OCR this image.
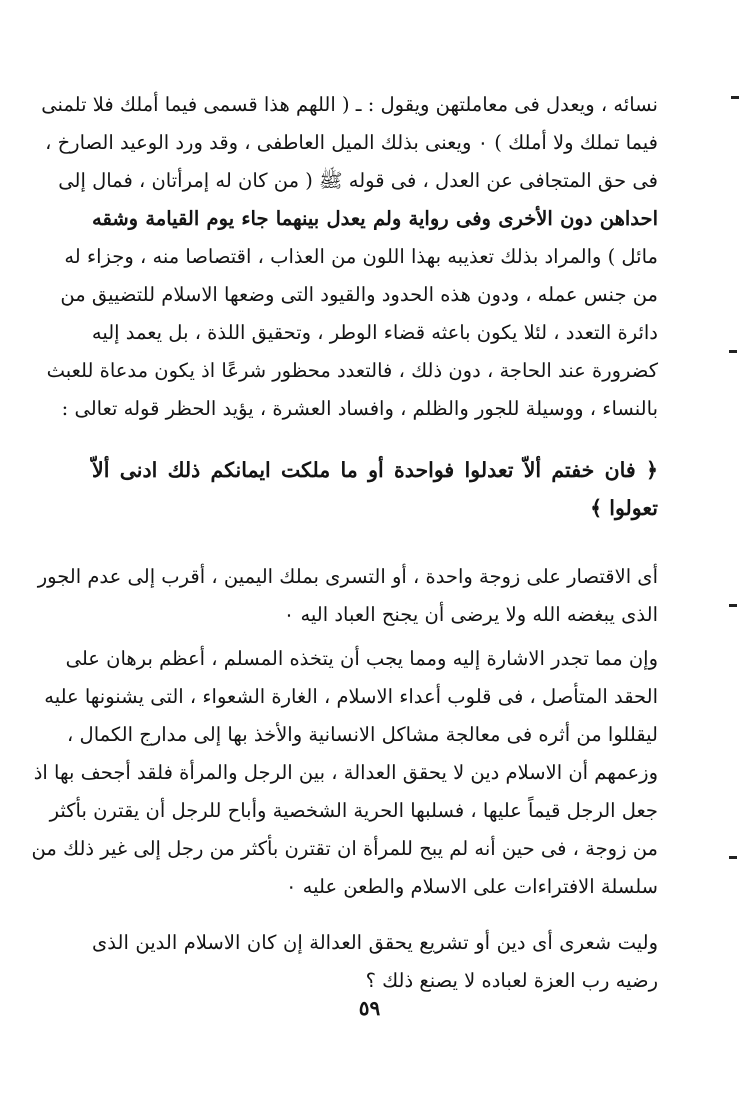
نسائه ، ويعدل فى معاملتهن ويقول : ـ ( اللهم هذا قسمى فيما أملك فلا تلمنى
فيما تملك ولا أملك ) ٠ ويعنى بذلك الميل العاطفى ، وقد ورد الوعيد الصارخ ،
فى حق المتجافى عن العدل ، فى قوله ﷺ ( من كان له إمرأتان ، فمال إلى
احداهن دون الأخرى وفى رواية ولم يعدل بينهما جاء يوم القيامة وشقه
مائل ) والمراد بذلك تعذيبه بهذا اللون من العذاب ، اقتصاصا منه ، وجزاء له
من جنس عمله ، ودون هذه الحدود والقيود التى وضعها الاسلام للتضييق من
دائرة التعدد ، لئلا يكون باعثه قضاء الوطر ، وتحقيق اللذة ، بل يعمد إليه
كضرورة عند الحاجة ، دون ذلك ، فالتعدد محظور شرعًا اذ يكون مدعاة للعبث
بالنساء ، ووسيلة للجور والظلم ، وافساد العشرة ، يؤيد الحظر قوله تعالى :
﴿ فان خفتم ألاّ تعدلوا فواحدة أو ما ملكت ايمانكم ذلك ادنى ألاّ
تعولوا ﴾
أى الاقتصار على زوجة واحدة ، أو التسرى بملك اليمين ، أقرب إلى عدم الجور
الذى يبغضه الله ولا يرضى أن يجنح العباد اليه ٠
وإن مما تجدر الاشارة إليه ومما يجب أن يتخذه المسلم ، أعظم برهان على
الحقد المتأصل ، فى قلوب أعداء الاسلام ، الغارة الشعواء ، التى يشنونها عليه
ليقللوا من أثره فى معالجة مشاكل الانسانية والأخذ بها إلى مدارج الكمال ،
وزعمهم أن الاسلام دين لا يحقق العدالة ، بين الرجل والمرأة فلقد أجحف بها اذ
جعل الرجل قيماً عليها ، فسلبها الحرية الشخصية وأباح للرجل أن يقترن بأكثر
من زوجة ، فى حين أنه لم يبح للمرأة ان تقترن بأكثر من رجل إلى غير ذلك من
سلسلة الافتراءات على الاسلام والطعن عليه ٠
وليت شعرى أى دين أو تشريع يحقق العدالة إن كان الاسلام الدين الذى
رضيه رب العزة لعباده لا يصنع ذلك ؟
٥٩
